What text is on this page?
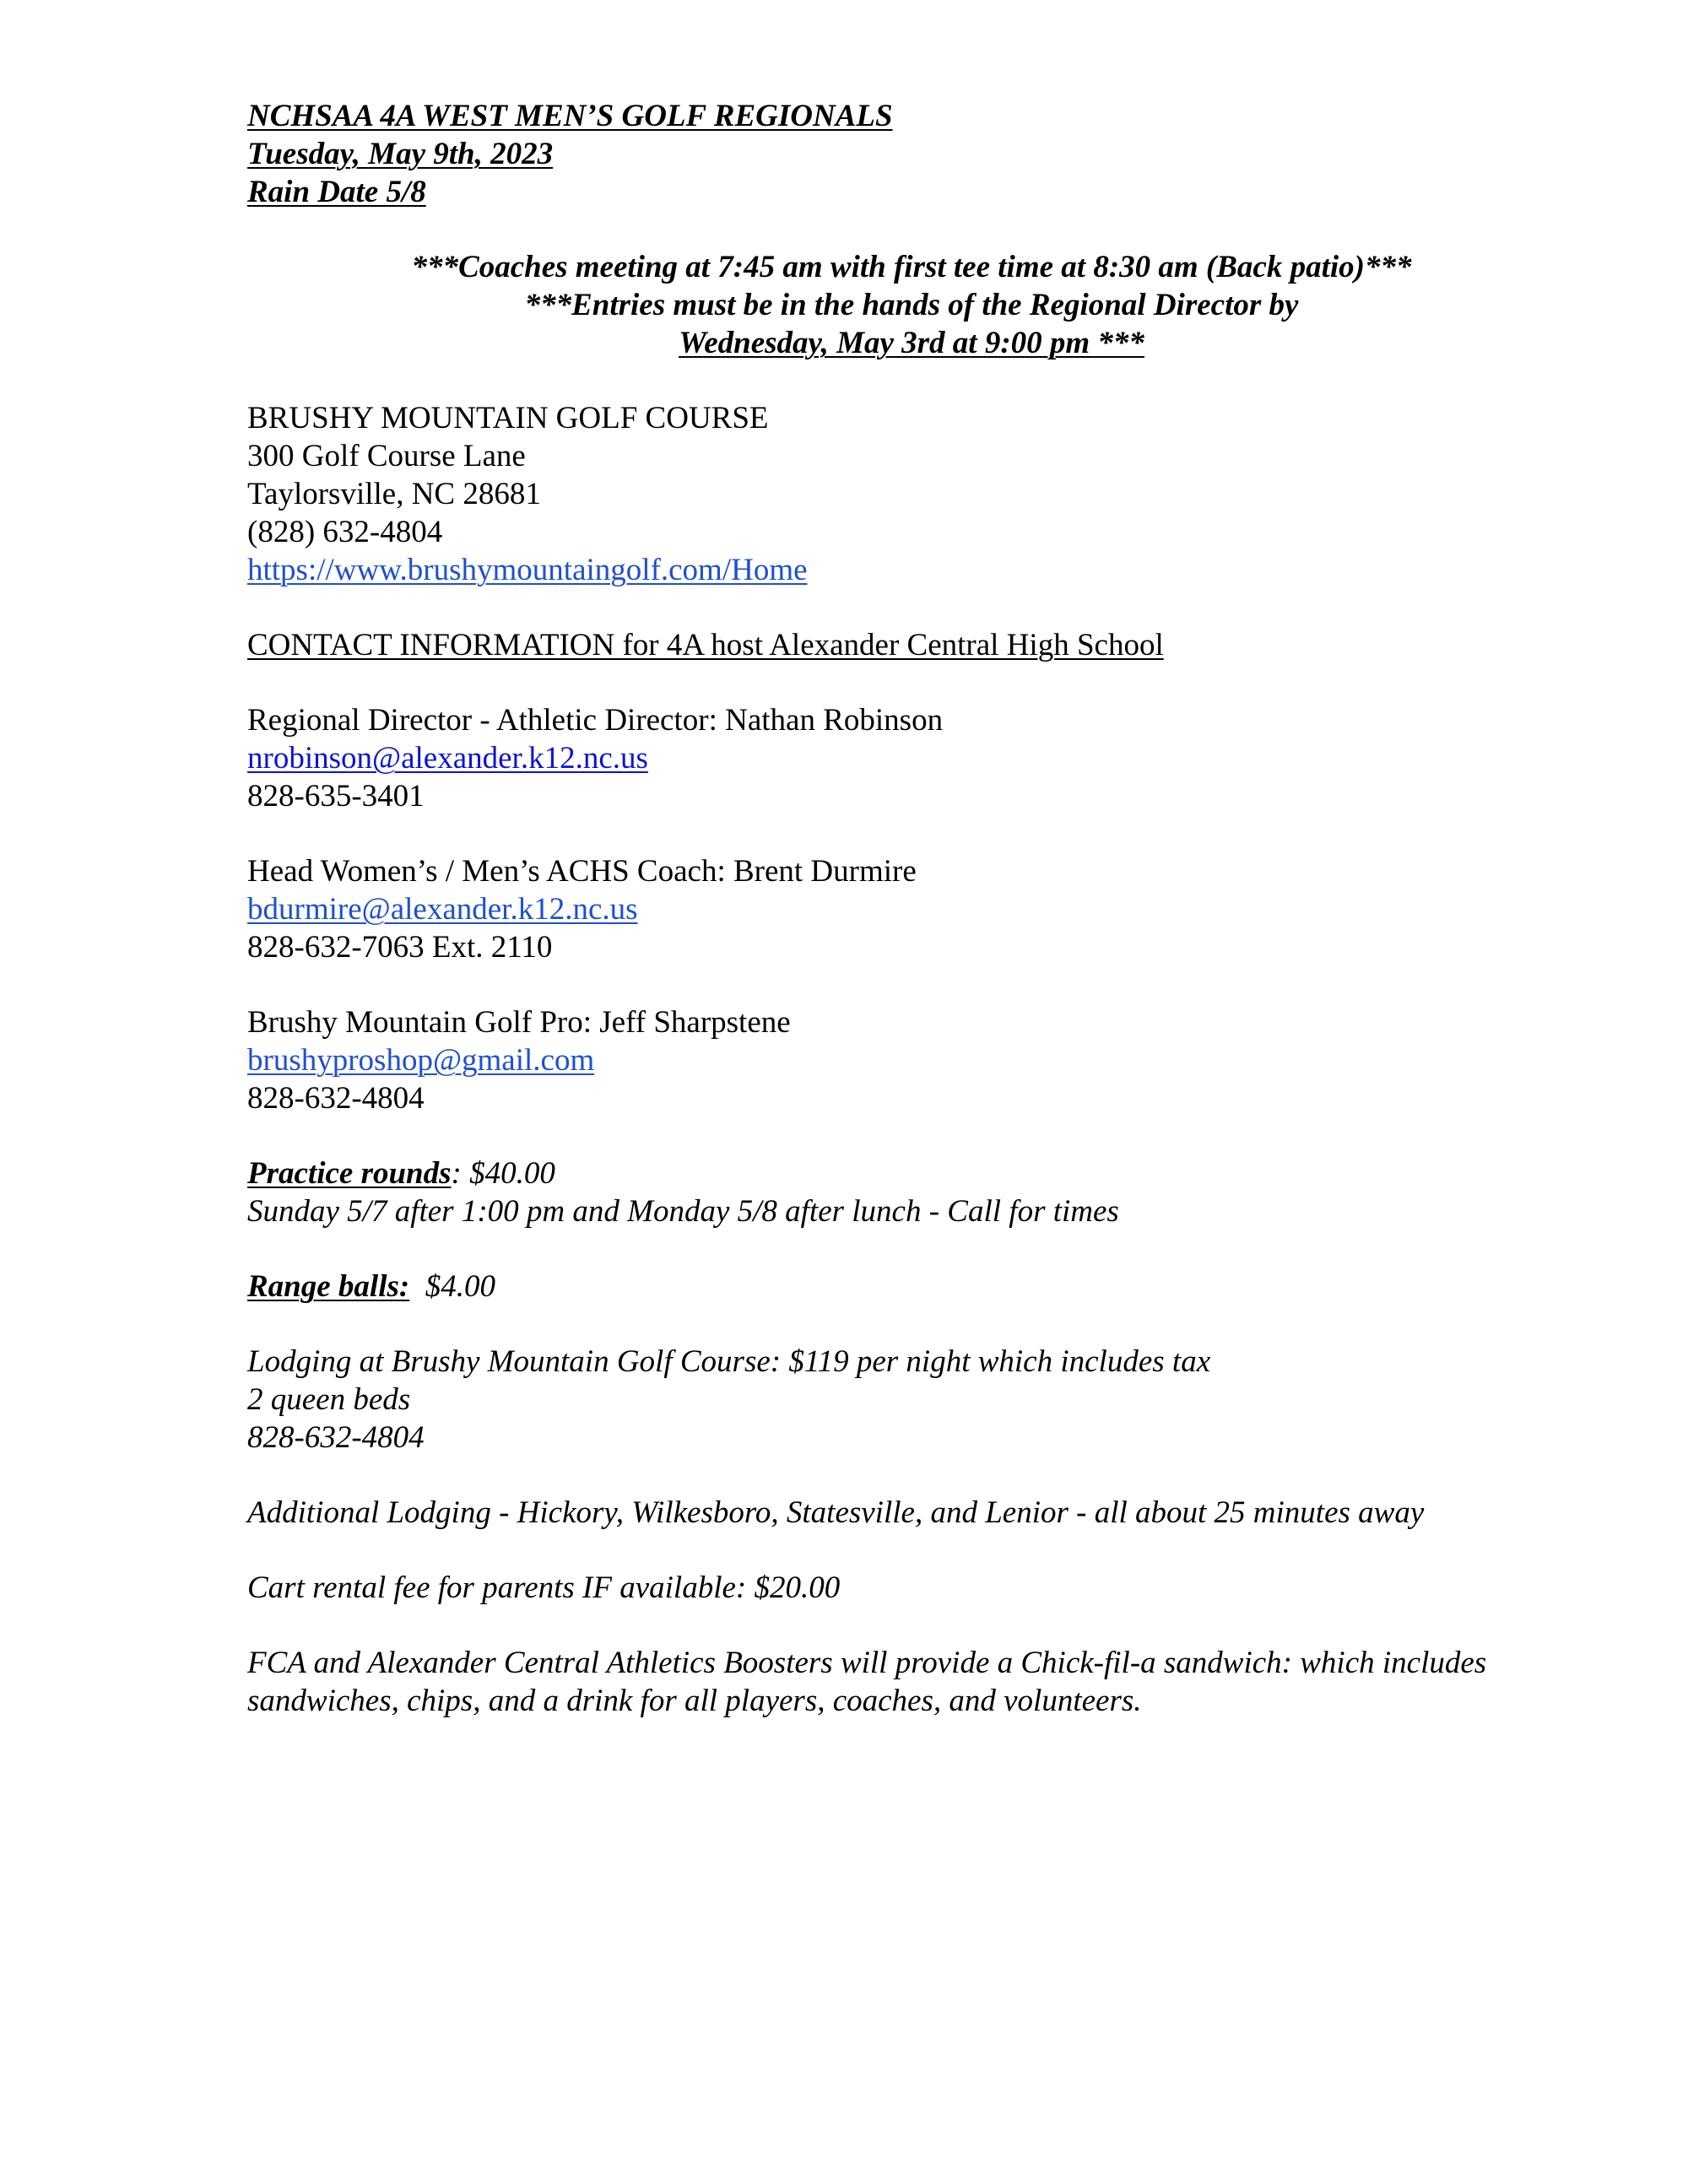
NCHSAA 4A WEST MEN’S GOLF REGIONALS
Tuesday, May 9th, 2023
Rain Date 5/8
***Coaches meeting at 7:45 am with first tee time at 8:30 am (Back patio)***
***Entries must be in the hands of the Regional Director by
Wednesday, May 3rd at 9:00 pm ***
BRUSHY MOUNTAIN GOLF COURSE
300 Golf Course Lane
Taylorsville, NC 28681
(828) 632-4804
https://www.brushymountaingolf.com/Home
CONTACT INFORMATION for 4A host Alexander Central High School
Regional Director - Athletic Director: Nathan Robinson
nrobinson@alexander.k12.nc.us
828-635-3401
Head Women’s / Men’s ACHS Coach: Brent Durmire
bdurmire@alexander.k12.nc.us
828-632-7063 Ext. 2110
Brushy Mountain Golf Pro: Jeff Sharpstene
brushyproshop@gmail.com
828-632-4804
Practice rounds: $40.00
Sunday 5/7 after 1:00 pm and Monday 5/8 after lunch - Call for times
Range balls:  $4.00
Lodging at Brushy Mountain Golf Course: $119 per night which includes tax
2 queen beds
828-632-4804
Additional Lodging - Hickory, Wilkesboro, Statesville, and Lenior - all about 25 minutes away
Cart rental fee for parents IF available: $20.00
FCA and Alexander Central Athletics Boosters will provide a Chick-fil-a sandwich: which includes sandwiches, chips, and a drink for all players, coaches, and volunteers.
